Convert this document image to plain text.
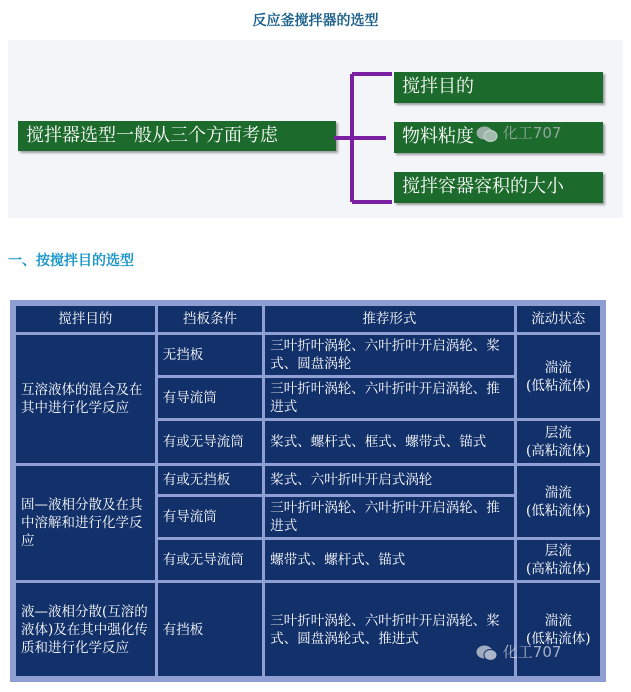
反应釜搅拌器的选型
搅拌器选型一般从三个方面考虑
搅拌目的
物料粘度
搅拌容器容积的大小
化工707
一、按搅拌目的选型
搅拌目的	挡板条件	推荐形式	流动状态
互溶液体的混合及在其中进行化学反应	无挡板	三叶折叶涡轮、六叶折叶开启涡轮、桨式、圆盘涡轮	湍流
(低粘流体)

	有导流筒	三叶折叶涡轮、六叶折叶开启涡轮、推进式	
	有或无导流筒	桨式、螺杆式、框式、螺带式、锚式	层流
(高粘流体)

固—液相分散及在其中溶解和进行化学反应	有或无挡板	桨式、六叶折叶开启式涡轮	湍流
(低粘流体)

	有导流筒	三叶折叶涡轮、六叶折叶开启涡轮、推进式	
	有或无导流筒	螺带式、螺杆式、锚式	层流
(高粘流体)

液—液相分散(互溶的液体)及在其中强化传质和进行化学反应	有挡板	三叶折叶涡轮、六叶折叶开启涡轮、桨式、圆盘涡轮式、推进式	湍流
(低粘流体)
化工707
